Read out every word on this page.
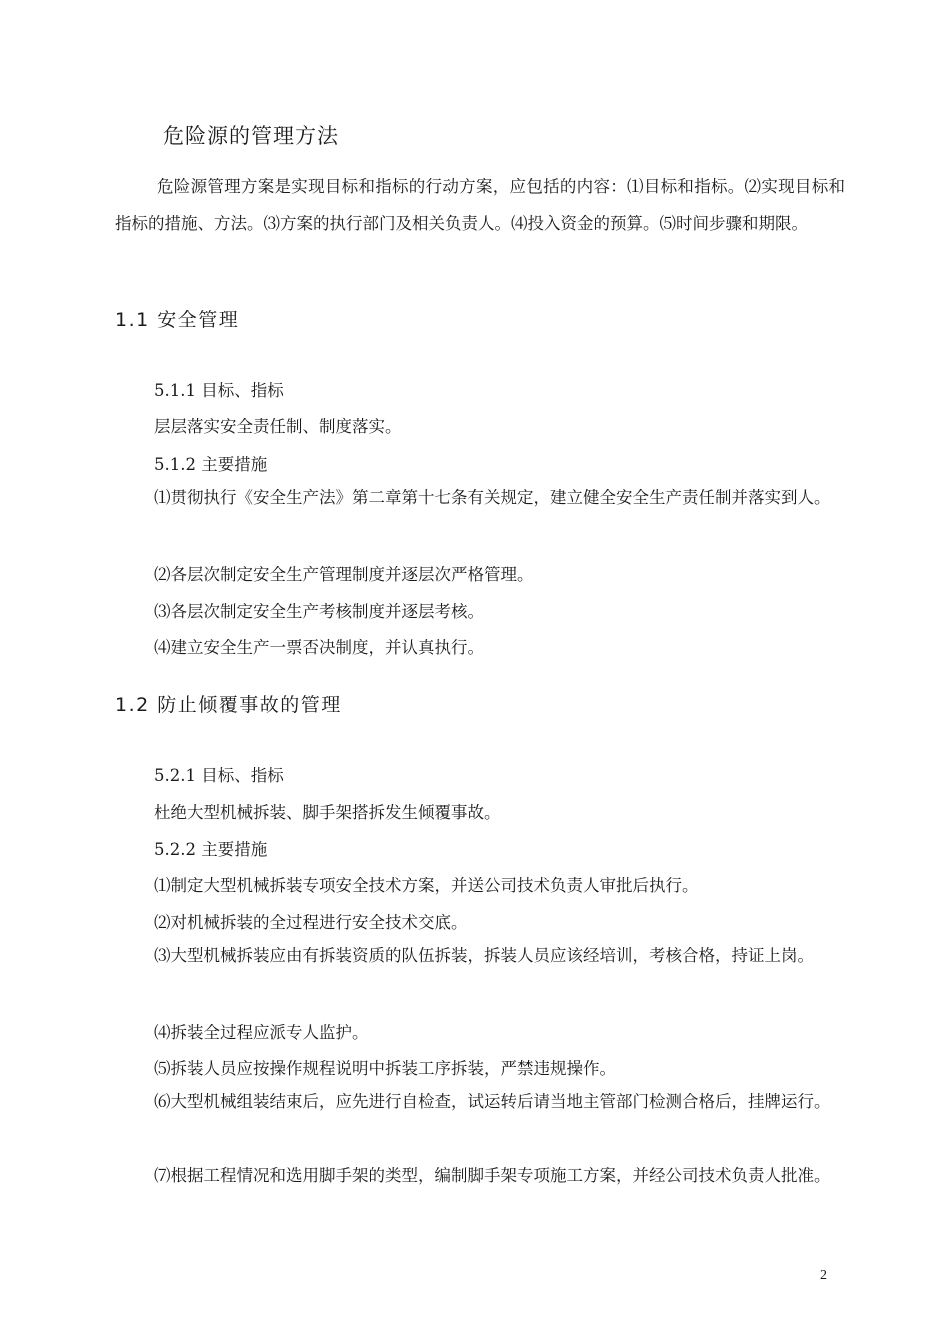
危险源的管理方法

危险源管理方案是实现目标和指标的行动方案，应包括的内容：⑴目标和指标。⑵实现目标和指标的措施、方法。⑶方案的执行部门及相关负责人。⑷投入资金的预算。⑸时间步骤和期限。

1.1 安全管理
5.1.1 目标、指标
层层落实安全责任制、制度落实。
5.1.2 主要措施

⑴贯彻执行《安全生产法》第二章第十七条有关规定，建立健全安全生产责任制并落实到人。

⑵各层次制定安全生产管理制度并逐层次严格管理。
⑶各层次制定安全生产考核制度并逐层考核。
⑷建立安全生产一票否决制度，并认真执行。
1.2 防止倾覆事故的管理
5.2.1 目标、指标
杜绝大型机械拆装、脚手架搭拆发生倾覆事故。
5.2.2 主要措施
⑴制定大型机械拆装专项安全技术方案，并送公司技术负责人审批后执行。
⑵对机械拆装的全过程进行安全技术交底。

⑶大型机械拆装应由有拆装资质的队伍拆装，拆装人员应该经培训，考核合格，持证上岗。

⑷拆装全过程应派专人监护。
⑸拆装人员应按操作规程说明中拆装工序拆装，严禁违规操作。

⑹大型机械组装结束后，应先进行自检查，试运转后请当地主管部门检测合格后，挂牌运行。

⑺根据工程情况和选用脚手架的类型，编制脚手架专项施工方案，并经公司技术负责人批准。

2
